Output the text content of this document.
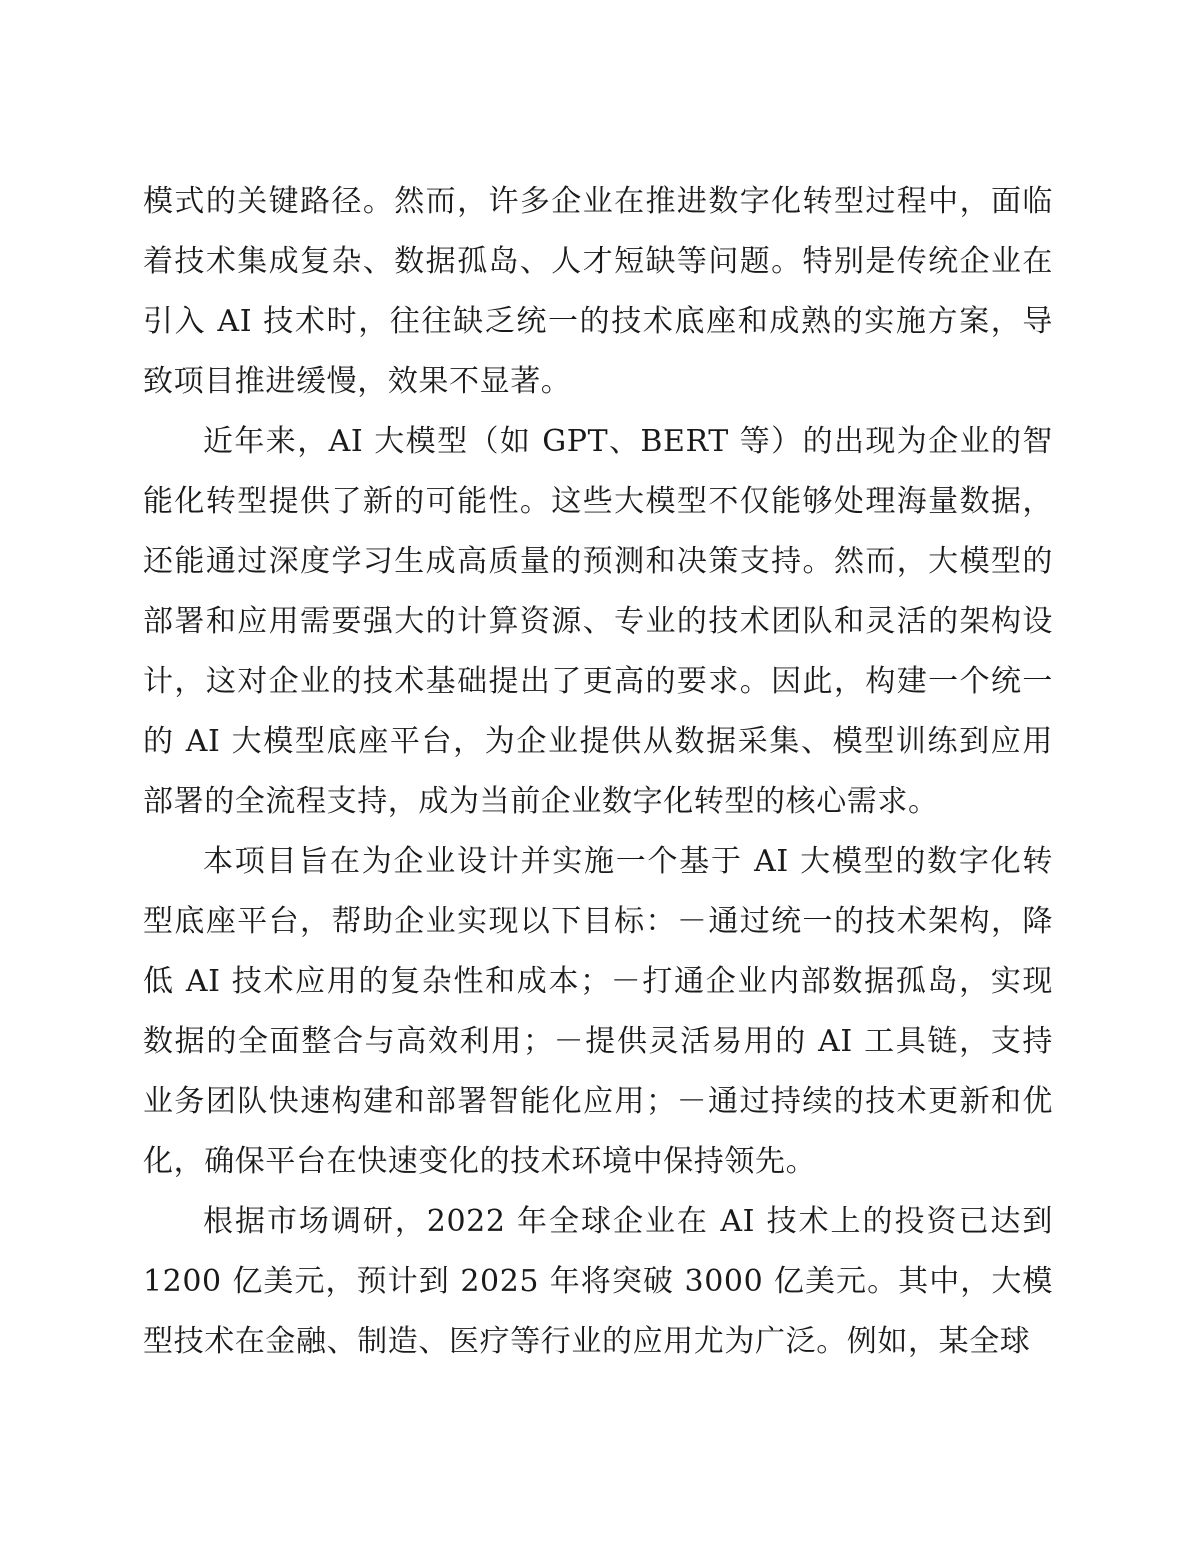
模式的关键路径。然而，许多企业在推进数字化转型过程中，面临着技术集成复杂、数据孤岛、人才短缺等问题。特别是传统企业在引入 AI 技术时，往往缺乏统一的技术底座和成熟的实施方案，导致项目推进缓慢，效果不显著。

近年来，AI 大模型（如 GPT、BERT 等）的出现为企业的智能化转型提供了新的可能性。这些大模型不仅能够处理海量数据，还能通过深度学习生成高质量的预测和决策支持。然而，大模型的部署和应用需要强大的计算资源、专业的技术团队和灵活的架构设计，这对企业的技术基础提出了更高的要求。因此，构建一个统一的 AI 大模型底座平台，为企业提供从数据采集、模型训练到应用部署的全流程支持，成为当前企业数字化转型的核心需求。

本项目旨在为企业设计并实施一个基于 AI 大模型的数字化转型底座平台，帮助企业实现以下目标：－通过统一的技术架构，降低 AI 技术应用的复杂性和成本；－打通企业内部数据孤岛，实现数据的全面整合与高效利用；－提供灵活易用的 AI 工具链，支持业务团队快速构建和部署智能化应用；－通过持续的技术更新和优化，确保平台在快速变化的技术环境中保持领先。

根据市场调研，2022 年全球企业在 AI 技术上的投资已达到 1200 亿美元，预计到 2025 年将突破 3000 亿美元。其中，大模型技术在金融、制造、医疗等行业的应用尤为广泛。例如，某全球
